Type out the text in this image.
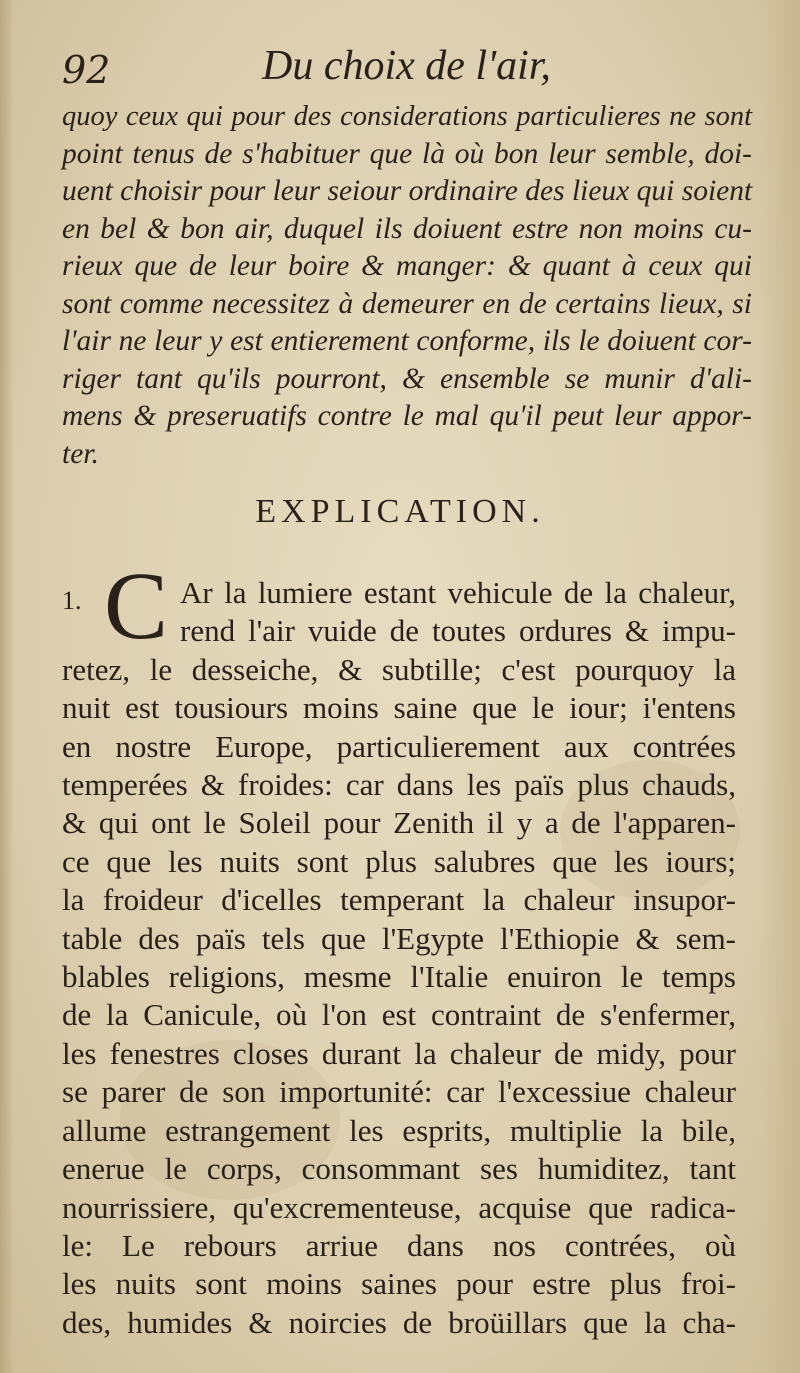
92	Du choix de l'air,
quoy ceux qui pour des considerations particulieres ne sont
point tenus de s'habituer que là où bon leur semble, doi-
uent choisir pour leur seiour ordinaire des lieux qui soient
en bel & bon air, duquel ils doiuent estre non moins cu-
rieux que de leur boire & manger: & quant à ceux qui
sont comme necessitez à demeurer en de certains lieux, si
l'air ne leur y est entierement conforme, ils le doiuent cor-
riger tant qu'ils pourront, & ensemble se munir d'ali-
mens & preseruatifs contre le mal qu'il peut leur appor-
ter.
EXPLICATION.
1. C Ar la lumiere estant vehicule de la chaleur,
rend l'air vuide de toutes ordures & impu-
retez, le desseiche, & subtille; c'est pourquoy la
nuit est tousiours moins saine que le iour; i'entens
en nostre Europe, particulierement aux contrées
temperées & froides: car dans les païs plus chauds,
& qui ont le Soleil pour Zenith il y a de l'apparen-
ce que les nuits sont plus salubres que les iours;
la froideur d'icelles temperant la chaleur insupor-
table des païs tels que l'Egypte l'Ethiopie & sem-
blables religions, mesme l'Italie enuiron le temps
de la Canicule, où l'on est contraint de s'enfermer,
les fenestres closes durant la chaleur de midy, pour
se parer de son importunité: car l'excessiue chaleur
allume estrangement les esprits, multiplie la bile,
enerue le corps, consommant ses humiditez, tant
nourrissiere, qu'excrementeuse, acquise que radica-
le: Le rebours arriue dans nos contrées, où
les nuits sont moins saines pour estre plus froi-
des, humides & noircies de broüillars que la cha-
